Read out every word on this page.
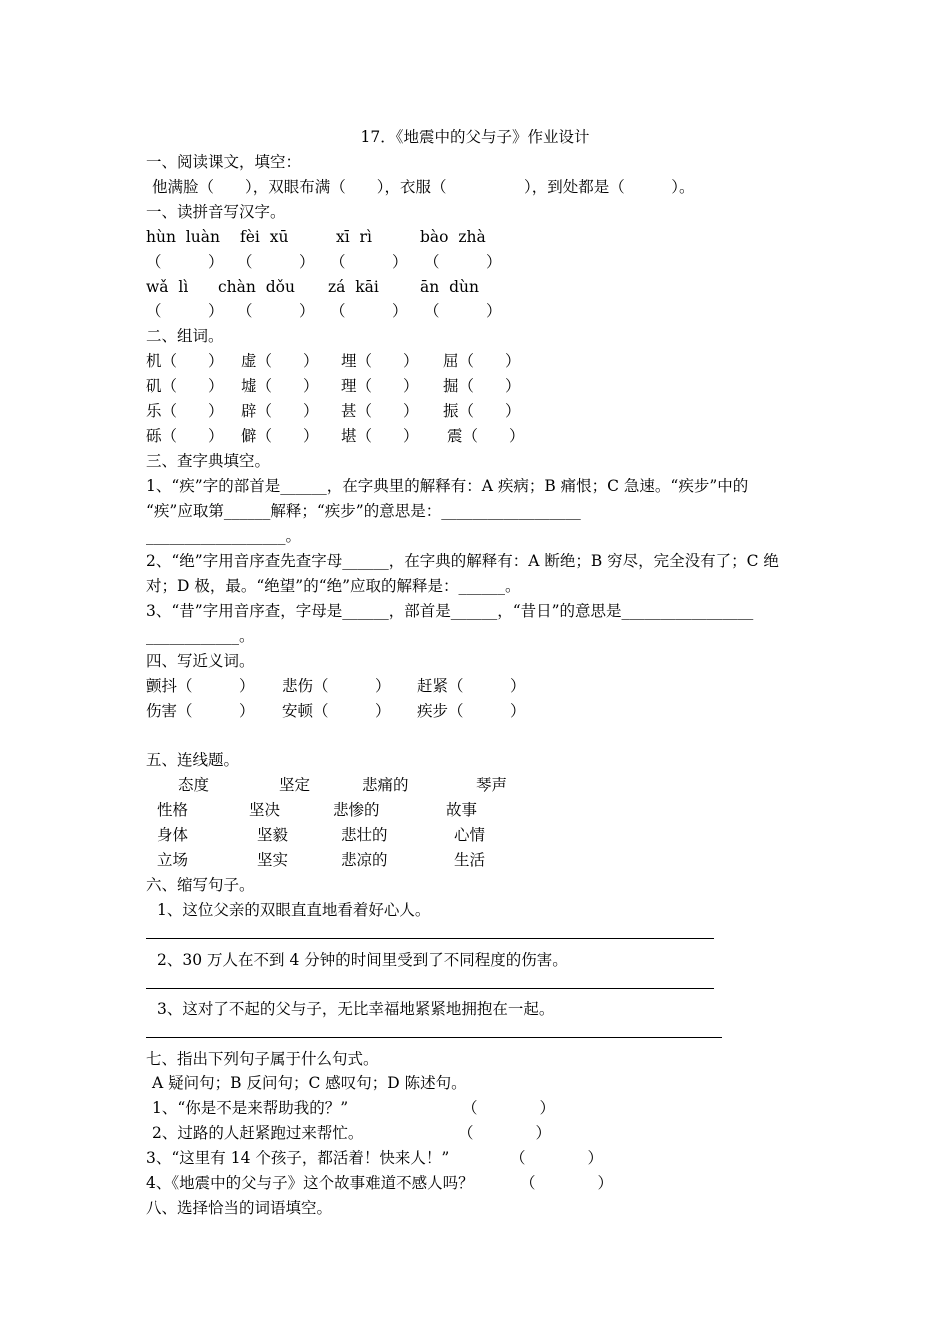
17．《地震中的父与子》作业设计
一、阅读课文，填空：
他满脸（　　），双眼布满（　　），衣服（　　　　　），到处都是（　　　）。
一、读拼音写汉字。
hùn  luàn fèi  xū	xī  rì	bào  zhà
（　　　） （　　　） （　　　） （　　　）
wǎ  lì chàn  dǒu zá  kāi	ān  dùn
（　　　） （　　　） （　　　） （　　　）
二、组词。
机（　　） 虚（　　） 埋（　　） 屈（　　）
矶（　　） 墟（　　） 理（　　） 掘（　　）
乐（　　） 辟（　　） 甚（　　） 振（　　）
砾（　　） 僻（　　） 堪（　　） 震（　　）
三、查字典填空。
1、“疾”字的部首是______，在字典里的解释有：A 疾病；B 痛恨；C 急速。“疾步”中的
“疾”应取第______解释；“疾步”的意思是：__________________
__________________。
2、“绝”字用音序查先查字母______，在字典的解释有：A 断绝；B 穷尽，完全没有了；C 绝
对；D 极，最。“绝望”的“绝”应取的解释是：______。
3、“昔”字用音序查，字母是______，部首是______，“昔日”的意思是_________________
____________。
四、写近义词。
颤抖（　　　） 悲伤（　　　） 赶紧（　　　）
伤害（　　　） 安顿（　　　） 疾步（　　　）
五、连线题。
态度	坚定	悲痛的	琴声
性格	坚决	悲惨的	故事
身体	坚毅	悲壮的	心情
立场	坚实	悲凉的	生活
六、缩写句子。
1、这位父亲的双眼直直地看着好心人。
2、30 万人在不到 4 分钟的时间里受到了不同程度的伤害。
3、这对了不起的父与子，无比幸福地紧紧地拥抱在一起。
七、指出下列句子属于什么句式。
A 疑问句；B 反问句；C 感叹句；D 陈述句。
1、“你是不是来帮助我的？”	（　　　　）
2、过路的人赶紧跑过来帮忙。	（　　　　）
3、“这里有 14 个孩子，都活着！快来人！”	（　　　　）
4、《地震中的父与子》这个故事难道不感人吗？	（　　　　）
八、选择恰当的词语填空。
